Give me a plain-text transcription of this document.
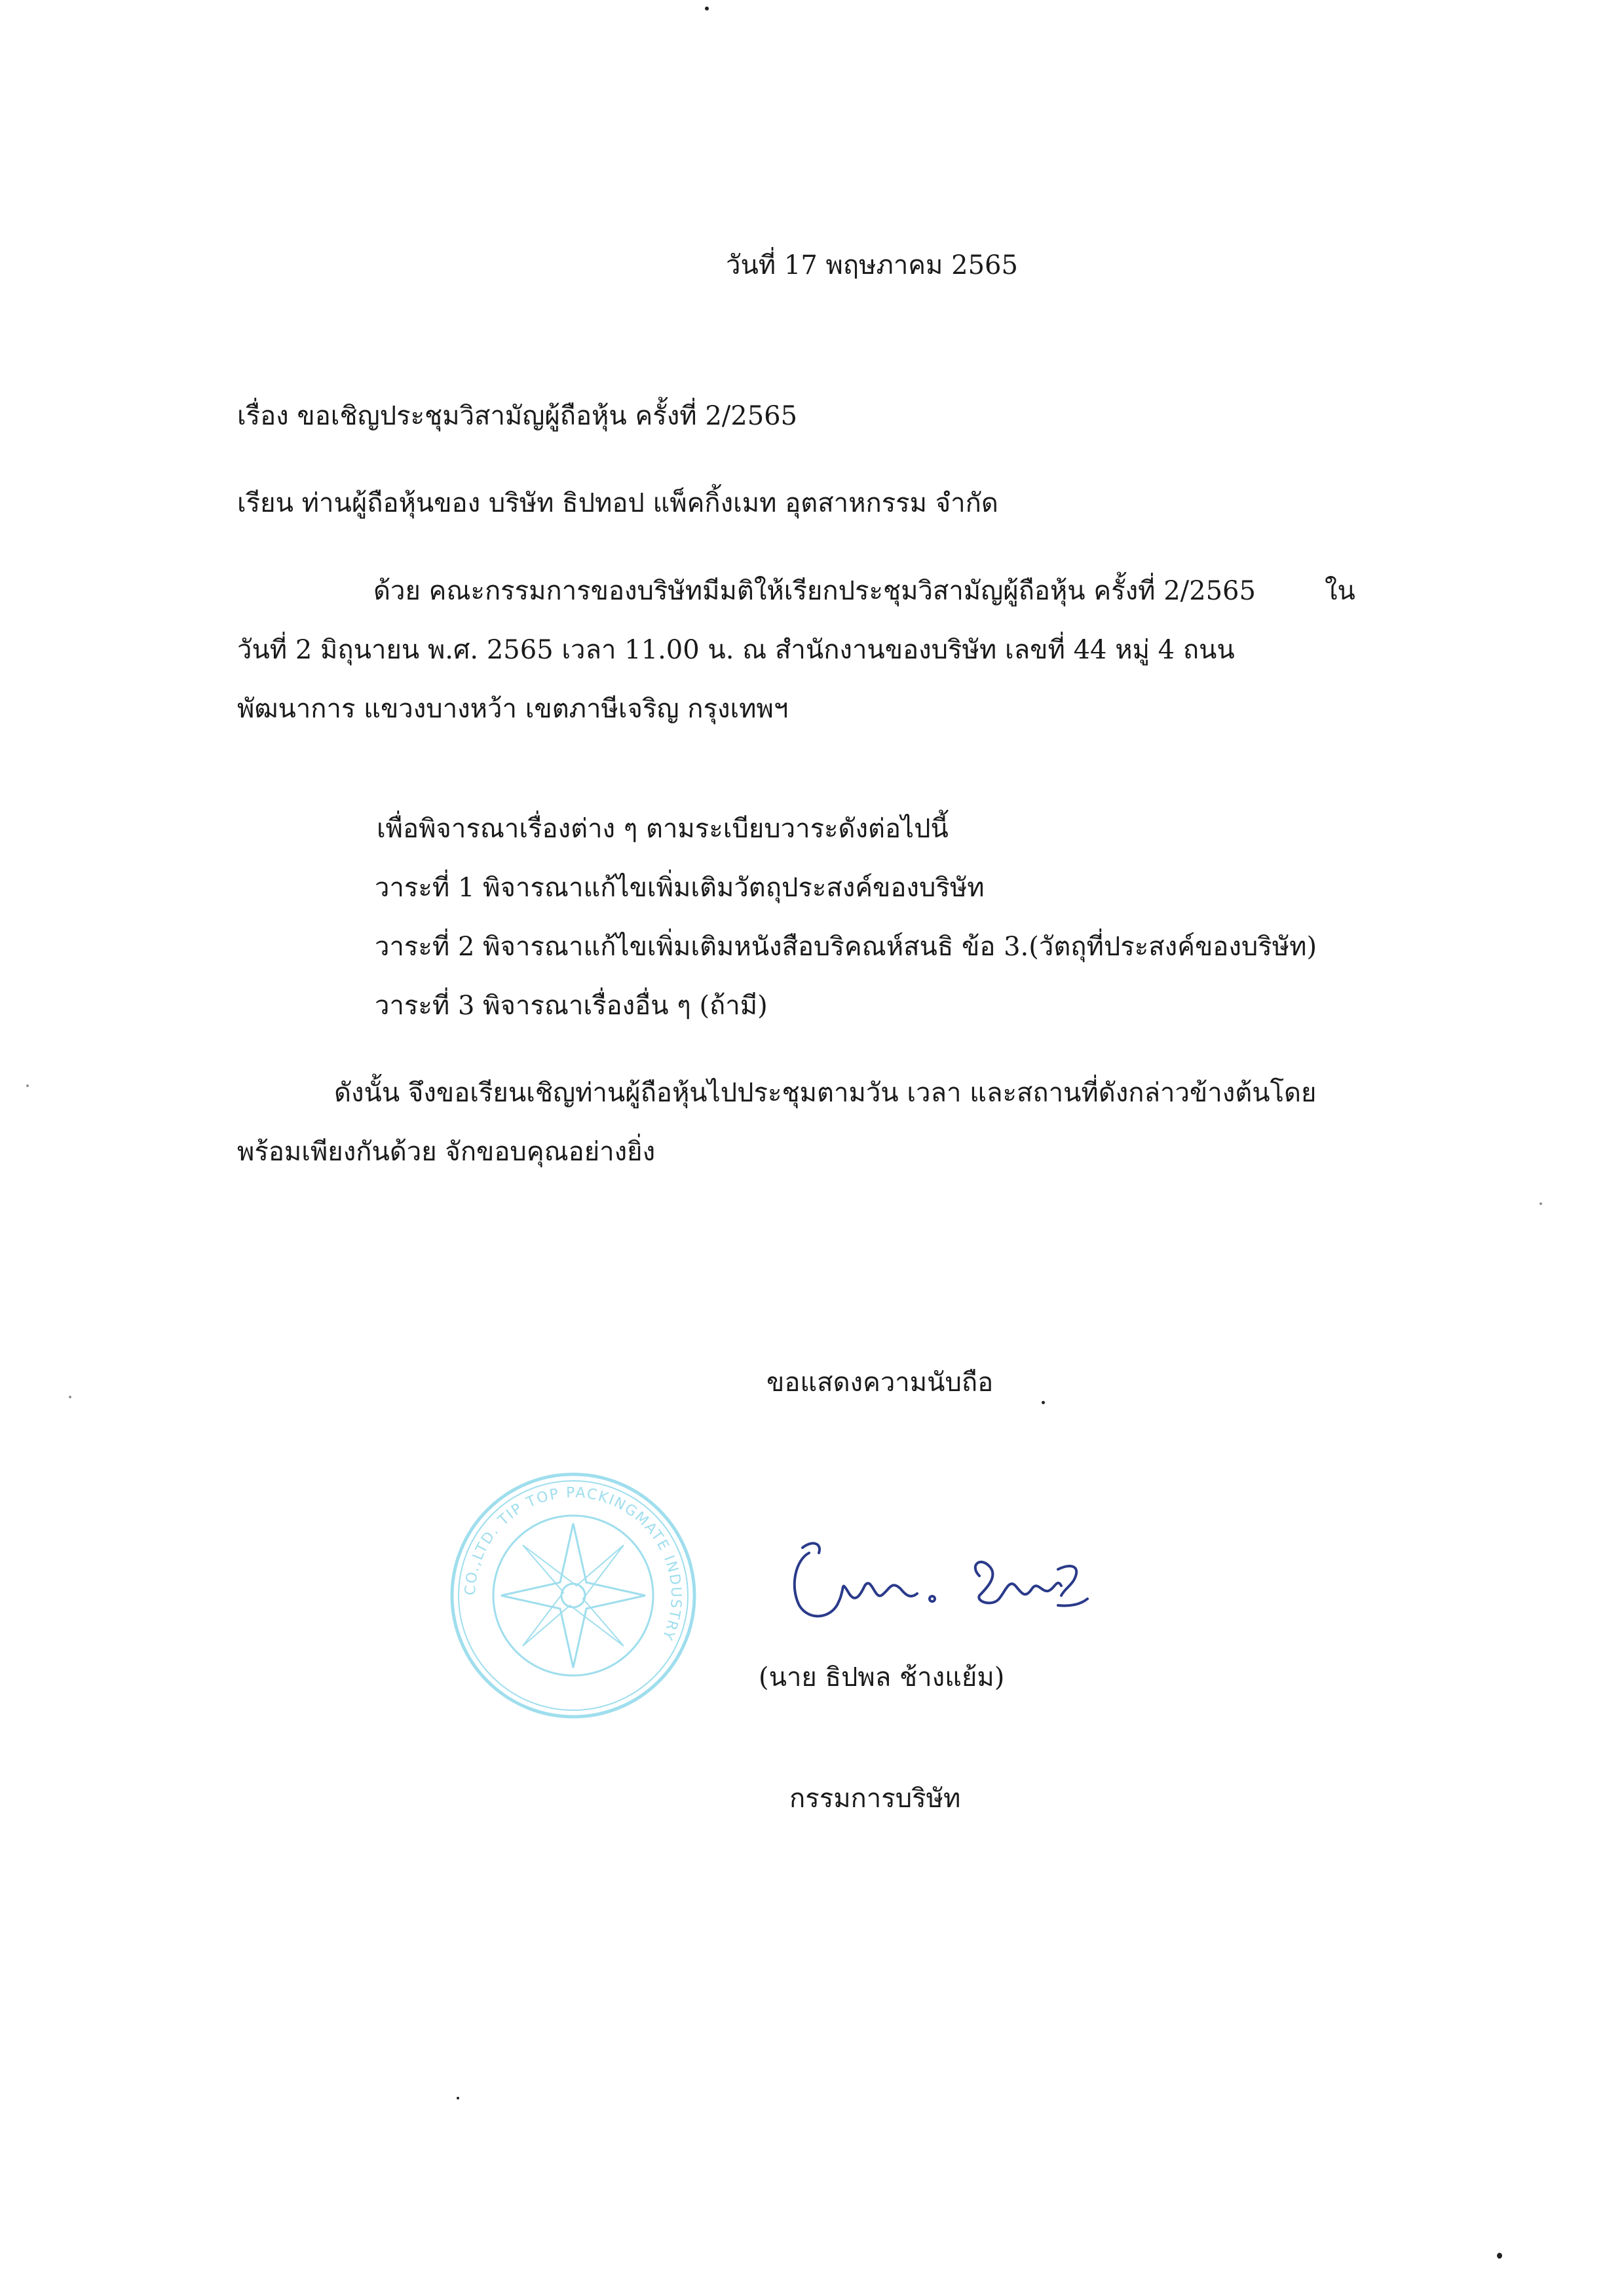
วันที่ 17 พฤษภาคม 2565

เรื่อง ขอเชิญประชุมวิสามัญผู้ถือหุ้น ครั้งที่ 2/2565

เรียน ท่านผู้ถือหุ้นของ บริษัท ธิปทอป แพ็คกิ้งเมท อุตสาหกรรม จำกัด

ด้วย คณะกรรมการของบริษัทมีมติให้เรียกประชุมวิสามัญผู้ถือหุ้น ครั้งที่ 2/2565	ใน

วันที่ 2 มิถุนายน พ.ศ. 2565 เวลา 11.00 น. ณ สำนักงานของบริษัท เลขที่ 44 หมู่ 4 ถนน

พัฒนาการ แขวงบางหว้า เขตภาษีเจริญ กรุงเทพฯ

เพื่อพิจารณาเรื่องต่าง ๆ ตามระเบียบวาระดังต่อไปนี้

วาระที่ 1 พิจารณาแก้ไขเพิ่มเติมวัตถุประสงค์ของบริษัท

วาระที่ 2 พิจารณาแก้ไขเพิ่มเติมหนังสือบริคณห์สนธิ ข้อ 3.(วัตถุที่ประสงค์ของบริษัท)

วาระที่ 3 พิจารณาเรื่องอื่น ๆ (ถ้ามี)

ดังนั้น จึงขอเรียนเชิญท่านผู้ถือหุ้นไปประชุมตามวัน เวลา และสถานที่ดังกล่าวข้างต้นโดย

พร้อมเพียงกันด้วย จักขอบคุณอย่างยิ่ง

ขอแสดงความนับถือ

CO.,LTD. TIP TOP PACKINGMATE INDUSTRY

(นาย ธิปพล ช้างแย้ม)

กรรมการบริษัท
